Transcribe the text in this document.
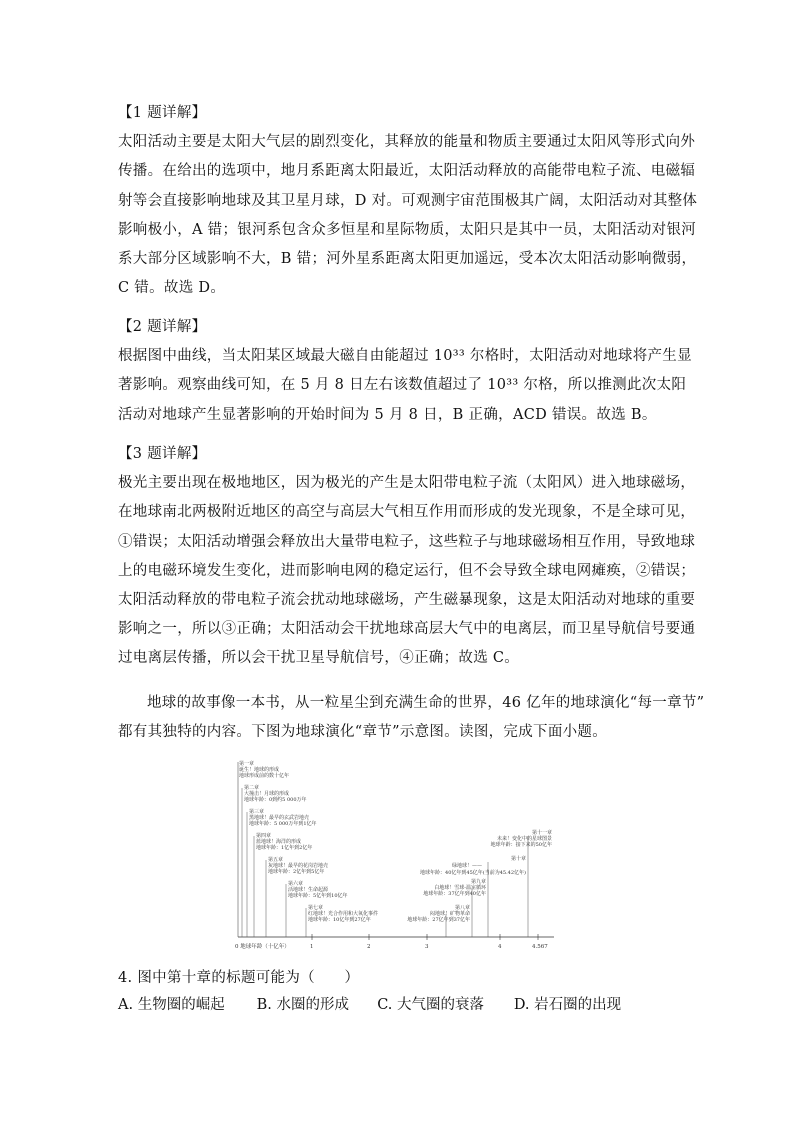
【1 题详解】
太阳活动主要是太阳大气层的剧烈变化，其释放的能量和物质主要通过太阳风等形式向外
传播。在给出的选项中，地月系距离太阳最近，太阳活动释放的高能带电粒子流、电磁辐
射等会直接影响地球及其卫星月球，D 对。可观测宇宙范围极其广阔，太阳活动对其整体
影响极小，A 错；银河系包含众多恒星和星际物质，太阳只是其中一员，太阳活动对银河
系大部分区域影响不大，B 错；河外星系距离太阳更加遥远，受本次太阳活动影响微弱，
C 错。故选 D。
【2 题详解】
根据图中曲线，当太阳某区域最大磁自由能超过 10³³ 尔格时，太阳活动对地球将产生显
著影响。观察曲线可知，在 5 月 8 日左右该数值超过了 10³³ 尔格，所以推测此次太阳
活动对地球产生显著影响的开始时间为 5 月 8 日，B 正确，ACD 错误。故选 B。
【3 题详解】
极光主要出现在极地地区，因为极光的产生是太阳带电粒子流（太阳风）进入地球磁场，
在地球南北两极附近地区的高空与高层大气相互作用而形成的发光现象，不是全球可见，
①错误；太阳活动增强会释放出大量带电粒子，这些粒子与地球磁场相互作用，导致地球
上的电磁环境发生变化，进而影响电网的稳定运行，但不会导致全球电网瘫痪，②错误；
太阳活动释放的带电粒子流会扰动地球磁场，产生磁暴现象，这是太阳活动对地球的重要
影响之一，所以③正确；太阳活动会干扰地球高层大气中的电离层，而卫星导航信号要通
过电离层传播，所以会干扰卫星导航信号，④正确；故选 C。
地球的故事像一本书，从一粒星尘到充满生命的世界，46 亿年的地球演化“每一章节”
都有其独特的内容。下图为地球演化“章节”示意图。读图，完成下面小题。
0 地球年龄（十亿年）	1	2	3	4	4.567
第一章
诞生！地球的形成
地球形成前的数十亿年
第二章
大撞击！月球的形成
地球年龄：0到约5 000万年
第三章
黑地球！最早的玄武岩地壳
地球年龄：5 000万年到1亿年
第四章
蓝地球！海洋的形成
地球年龄：1亿年到2亿年
第五章
灰地球！最早的花岗岩地壳
地球年龄：2亿年到5亿年
第六章
活地球！生命起源
地球年龄：5亿年到10亿年
第七章
红地球！光合作用和大氧化事件
地球年龄：10亿年到27亿年
第八章
闷地球！矿物革命
地球年龄：27亿年到37亿年
第九章
白地球！雪球-温室循环
地球年龄：37亿年到40亿年
第十章
绿地球！——
地球年龄：40亿年到45亿年(当前为45.42亿年)
第十一章
未来！变化中的星球图景
地球年龄：接下来的50亿年
4. 图中第十章的标题可能为（　　）
A. 生物圈的崛起 B. 水圈的形成 C. 大气圈的衰落 D. 岩石圈的出现
